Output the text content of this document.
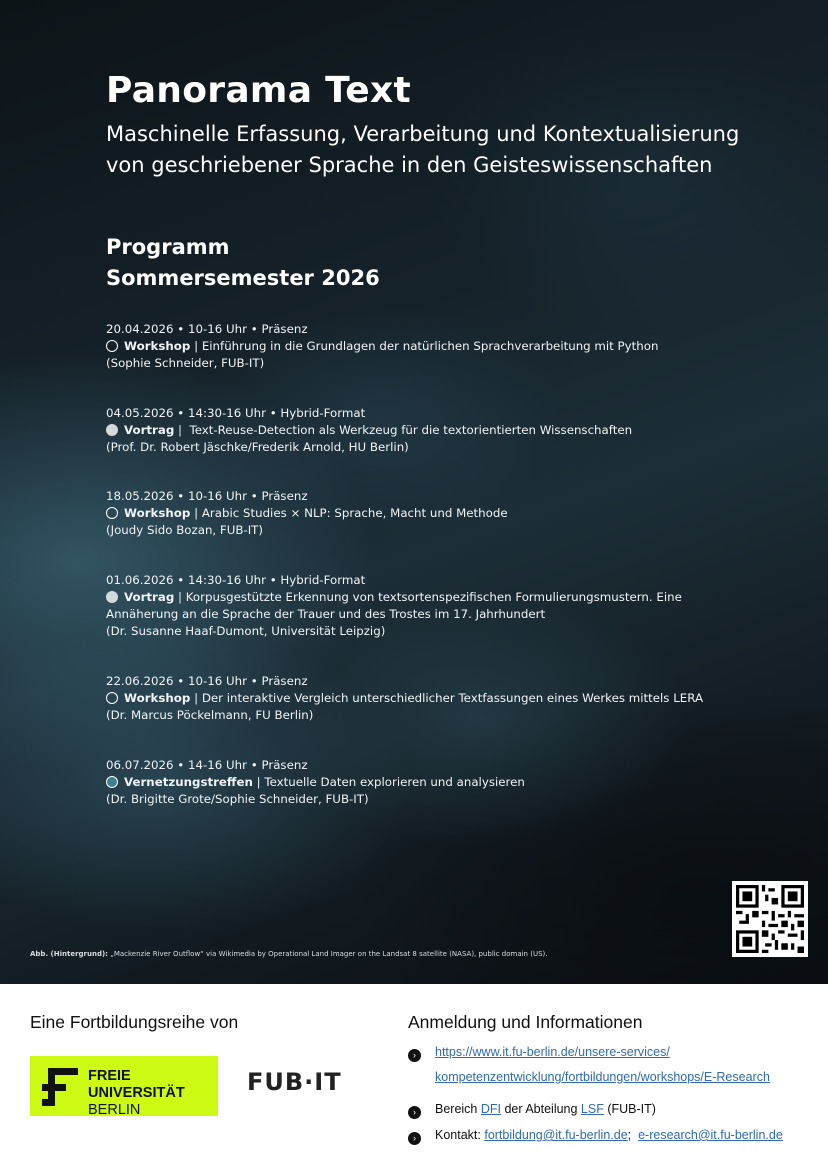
Panorama Text
Maschinelle Erfassung, Verarbeitung und Kontextualisierung
von geschriebener Sprache in den Geisteswissenschaften
Programm
Sommersemester 2026
20.04.2026 • 10-16 Uhr • Präsenz
Workshop | Einführung in die Grundlagen der natürlichen Sprachverarbeitung mit Python
(Sophie Schneider, FUB-IT)
04.05.2026 • 14:30-16 Uhr • Hybrid-Format
Vortrag |  Text-Reuse-Detection als Werkzeug für die textorientierten Wissenschaften
(Prof. Dr. Robert Jäschke/Frederik Arnold, HU Berlin)
18.05.2026 • 10-16 Uhr • Präsenz
Workshop | Arabic Studies × NLP: Sprache, Macht und Methode
(Joudy Sido Bozan, FUB-IT)
01.06.2026 • 14:30-16 Uhr • Hybrid-Format
Vortrag | Korpusgestützte Erkennung von textsortenspezifischen Formulierungsmustern. Eine
Annäherung an die Sprache der Trauer und des Trostes im 17. Jahrhundert
(Dr. Susanne Haaf-Dumont, Universität Leipzig)
22.06.2026 • 10-16 Uhr • Präsenz
Workshop | Der interaktive Vergleich unterschiedlicher Textfassungen eines Werkes mittels LERA
(Dr. Marcus Pöckelmann, FU Berlin)
06.07.2026 • 14-16 Uhr • Präsenz
Vernetzungstreffen | Textuelle Daten explorieren und analysieren
(Dr. Brigitte Grote/Sophie Schneider, FUB-IT)
Abb. (Hintergrund): „Mackenzie River Outflow“ via Wikimedia by Operational Land Imager on the Landsat 8 satellite (NASA), public domain (US).
Eine Fortbildungsreihe von
FREIE
UNIVERSITÄT
BERLIN
FUB·IT
Anmeldung und Informationen
› https://www.it.fu-berlin.de/unsere-services/
kompetenzentwicklung/fortbildungen/workshops/E-Research
› Bereich DFI der Abteilung LSF (FUB-IT)
› Kontakt: fortbildung@it.fu-berlin.de;  e-research@it.fu-berlin.de
